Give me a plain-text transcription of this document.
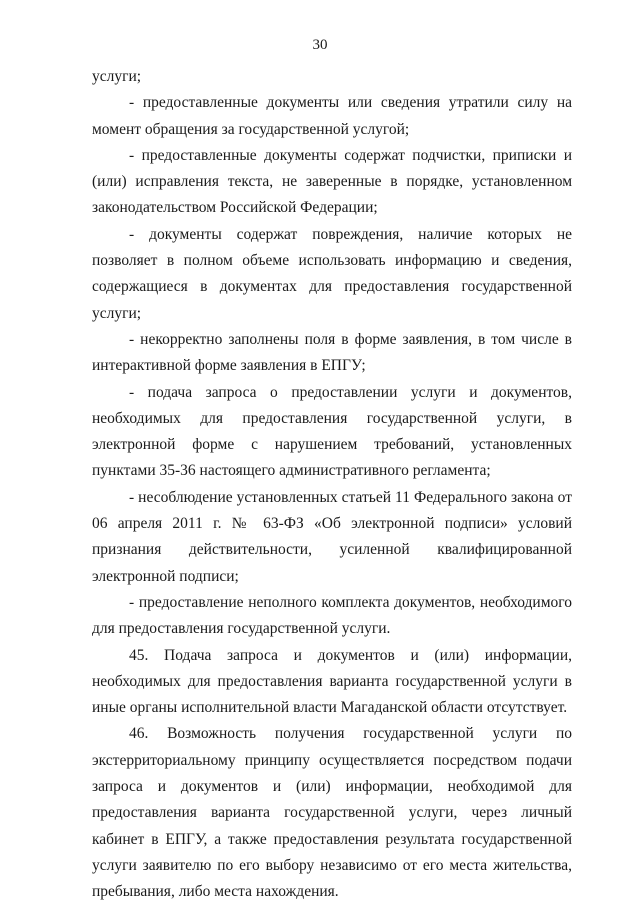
30

услуги;

- предоставленные документы или сведения утратили силу на момент обращения за государственной услугой;

- предоставленные документы содержат подчистки, приписки и (или) исправления текста, не заверенные в порядке, установленном законодательством Российской Федерации;

- документы содержат повреждения, наличие которых не позволяет в полном объеме использовать информацию и сведения, содержащиеся в документах для предоставления государственной услуги;

- некорректно заполнены поля в форме заявления, в том числе в интерактивной форме заявления в ЕПГУ;

- подача запроса о предоставлении услуги и документов, необходимых для предоставления государственной услуги, в электронной форме с нарушением требований, установленных пунктами 35-36 настоящего административного регламента;

- несоблюдение установленных статьей 11 Федерального закона от 06 апреля 2011 г. № 63-ФЗ «Об электронной подписи» условий признания действительности, усиленной квалифицированной электронной подписи;

- предоставление неполного комплекта документов, необходимого для предоставления государственной услуги.

45. Подача запроса и документов и (или) информации, необходимых для предоставления варианта государственной услуги в иные органы исполнительной власти Магаданской области отсутствует.

46. Возможность получения государственной услуги по экстерриториальному принципу осуществляется посредством подачи запроса и документов и (или) информации, необходимой для предоставления варианта государственной услуги, через личный кабинет в ЕПГУ, а также предоставления результата государственной услуги заявителю по его выбору независимо от его места жительства, пребывания, либо места нахождения.
